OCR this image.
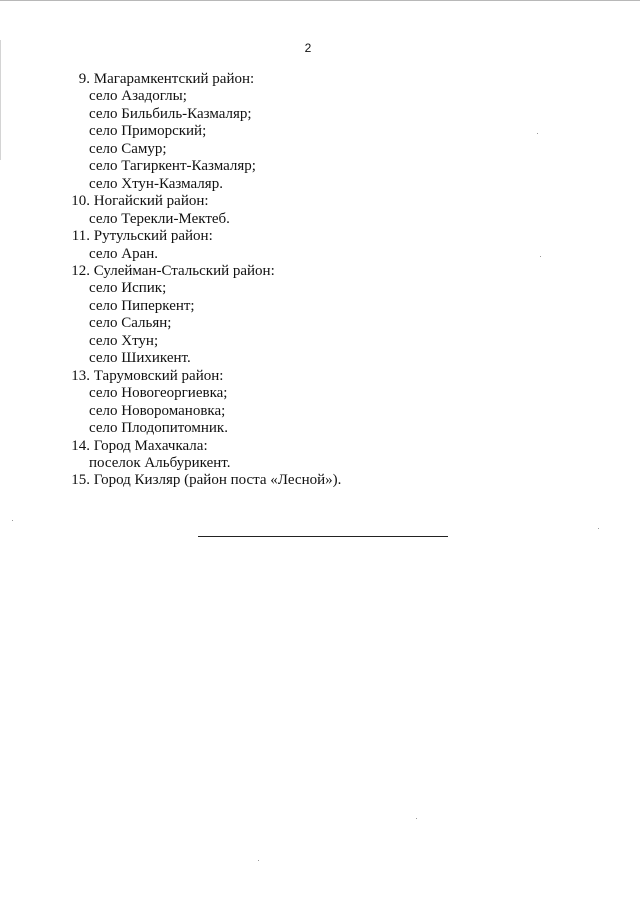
2
9.
Магарамкентский район:
село Азадоглы;
село Бильбиль-Казмаляр;
село Приморский;
село Самур;
село Тагиркент-Казмаляр;
село Хтун-Казмаляр.
10.
Ногайский район:
село Терекли-Мектеб.
11.
Рутульский район:
село Аран.
12.
Сулейман-Стальский район:
село Испик;
село Пиперкент;
село Сальян;
село Хтун;
село Шихикент.
13.
Тарумовский район:
село Новогеоргиевка;
село Новоромановка;
село Плодопитомник.
14.
Город Махачкала:
поселок Альбурикент.
15.
Город Кизляр (район поста «Лесной»).
